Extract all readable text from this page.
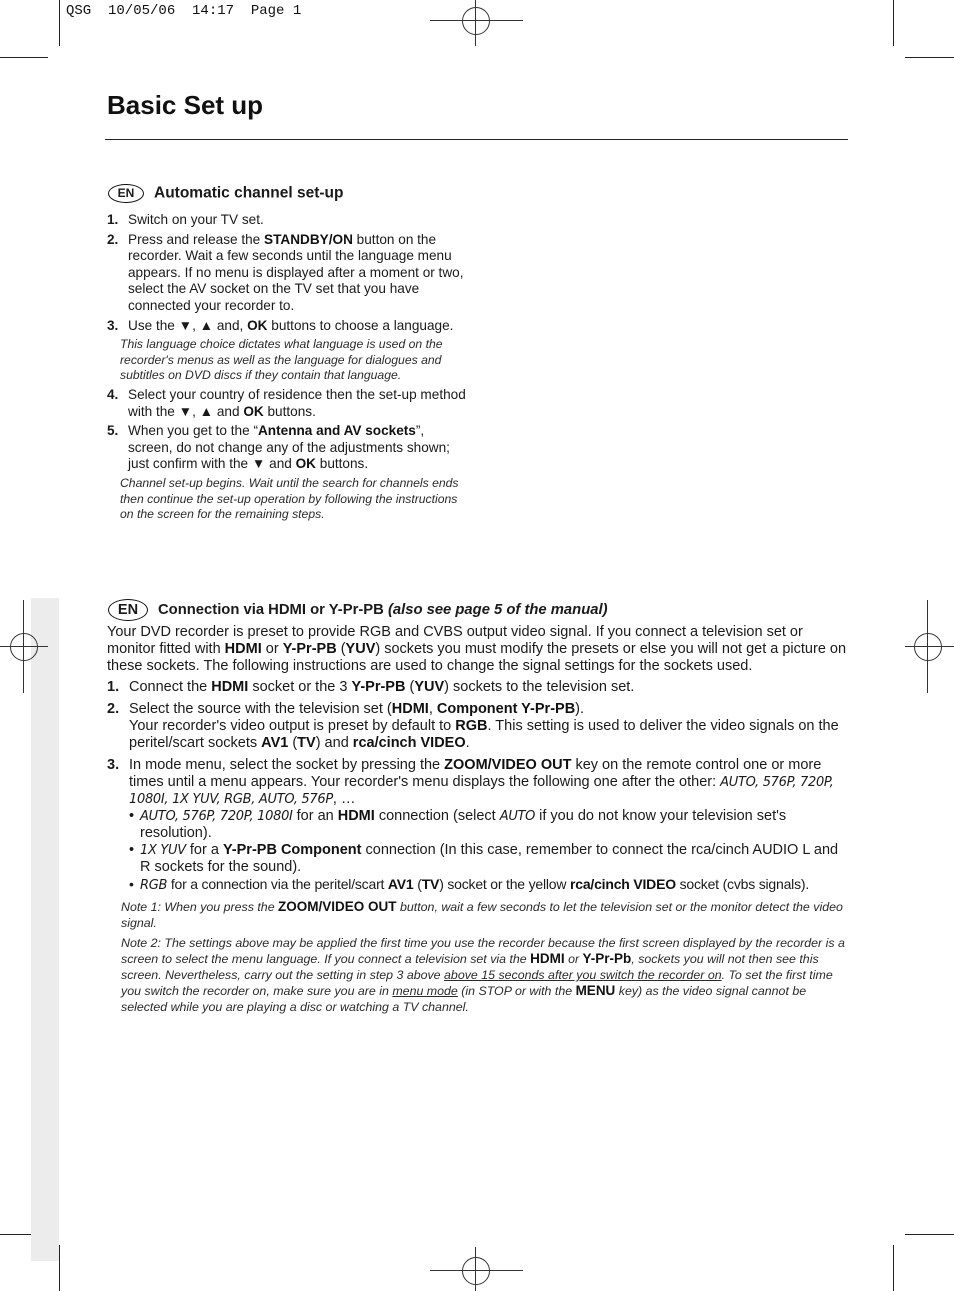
QSG  10/05/06  14:17  Page 1
Basic Set up
EN Automatic channel set-up
1. Switch on your TV set.
2. Press and release the STANDBY/ON button on the recorder. Wait a few seconds until the language menu appears. If no menu is displayed after a moment or two, select the AV socket on the TV set that you have connected your recorder to.
3. Use the ▼, ▲ and, OK buttons to choose a language.
This language choice dictates what language is used on the recorder's menus as well as the language for dialogues and subtitles on DVD discs if they contain that language.
4. Select your country of residence then the set-up method with the ▼, ▲ and OK buttons.
5. When you get to the “Antenna and AV sockets”, screen, do not change any of the adjustments shown; just confirm with the ▼ and OK buttons.
Channel set-up begins. Wait until the search for channels ends then continue the set-up operation by following the instructions on the screen for the remaining steps.
EN Connection via HDMI or Y-Pr-PB (also see page 5 of the manual)

Your DVD recorder is preset to provide RGB and CVBS output video signal. If you connect a television set or monitor fitted with HDMI or Y-Pr-PB (YUV) sockets you must modify the presets or else you will not get a picture on these sockets. The following instructions are used to change the signal settings for the sockets used.

1. Connect the HDMI socket or the 3 Y-Pr-PB (YUV) sockets to the television set.
2. Select the source with the television set (HDMI, Component Y-Pr-PB).
Your recorder's video output is preset by default to RGB. This setting is used to deliver the video signals on the peritel/scart sockets AV1 (TV) and rca/cinch VIDEO.
3. In mode menu, select the socket by pressing the ZOOM/VIDEO OUT key on the remote control one or more times until a menu appears. Your recorder's menu displays the following one after the other: AUTO, 576P, 720P, 1080I, 1X YUV, RGB, AUTO, 576P, …
• AUTO, 576P, 720P, 1080I for an HDMI connection (select AUTO if you do not know your television set's resolution).
• 1X YUV for a Y-Pr-PB Component connection (In this case, remember to connect the rca/cinch AUDIO L and R sockets for the sound).
• RGB for a connection via the peritel/scart AV1 (TV) socket or the yellow rca/cinch VIDEO socket (cvbs signals).
Note 1: When you press the ZOOM/VIDEO OUT button, wait a few seconds to let the television set or the monitor detect the video signal.
Note 2: The settings above may be applied the first time you use the recorder because the first screen displayed by the recorder is a screen to select the menu language. If you connect a television set via the HDMI or Y-Pr-Pb, sockets you will not then see this screen. Nevertheless, carry out the setting in step 3 above above 15 seconds after you switch the recorder on. To set the first time you switch the recorder on, make sure you are in menu mode (in STOP or with the MENU key) as the video signal cannot be selected while you are playing a disc or watching a TV channel.
